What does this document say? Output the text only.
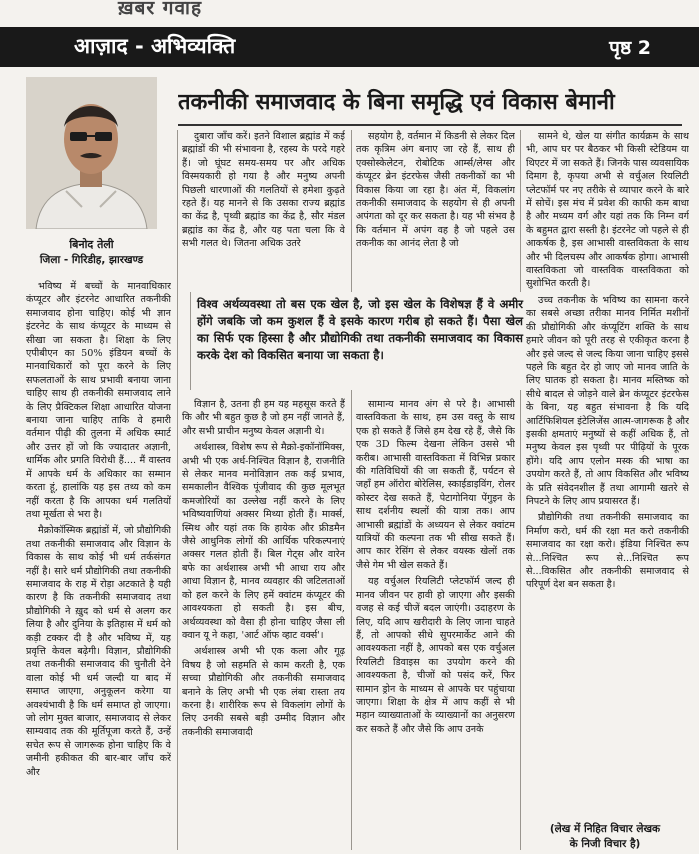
ख़बर गवाह
आज़ाद - अभिव्यक्ति	पृष्ठ 2
बिनोद तेली
जिला - गिरिडीह, झारखण्ड
तकनीकी समाजवाद के बिना समृद्धि एवं विकास बेमानी

भविष्य में बच्चों के मानवाधिकार कंप्यूटर और इंटरनेट आधारित तकनीकी समाजवाद होना चाहिए। कोई भी ज्ञान इंटरनेट के साथ कंप्यूटर के माध्यम से सीखा जा सकता है। शिक्षा के लिए एपीबीएन का 50% इंडियन बच्चों के मानवाधिकारों को पूरा करने के लिए सफलताओं के साथ प्रभावी बनाया जाना चाहिए साथ ही तकनीकी समाजवाद लाने के लिए प्रैक्टिकल शिक्षा आधारित योजना बनाया जाना चाहिए ताकि वे हमारी वर्तमान पीढ़ी की तुलना में अधिक स्मार्ट और उत्तर हों जो कि ज्यादातर अज्ञानी, धार्मिक और प्रगति विरोधी हैं.... मैं वास्तव में आपके धर्म के अधिकार का सम्मान करता हूं, हालांकि यह इस तथ्य को कम नहीं करता है कि आपका धर्म गलतियों तथा मूर्खता से भरा है।

मैक्रोकॉस्मिक ब्रह्मांडों में, जो प्रौद्योगिकी तथा तकनीकी समाजवाद और विज्ञान के विकास के साथ कोई भी धर्म तर्कसंगत नहीं है। सारे धर्म प्रौद्योगिकी तथा तकनीकी समाजवाद के राह में रोड़ा अटकाते है यही कारण है कि तकनीकी समाजवाद तथा प्रौद्योगिकी ने ख़ुद को धर्म से अलग कर लिया है और दुनिया के इतिहास में धर्म को कड़ी टक्कर दी है और भविष्य में, यह प्रवृत्ति केवल बढ़ेगी। विज्ञान, प्रौद्योगिकी तथा तकनीकी समाजवाद की चुनौती देने वाला कोई भी धर्म जल्दी या बाद में समाप्त जाएगा, अनुकूलन करेगा या अवश्यंभावी है कि धर्म समाप्त हो जाएगा। जो लोग मुक्त बाजार, समाजवाद से लेकर साम्यवाद तक की मूर्तिपूजा करते हैं, उन्हें सचेत रूप से जागरूक होना चाहिए कि वे जमीनी हकीकत की बार-बार जाँच करें और

दुबारा जाँच करें। इतने विशाल ब्रह्मांड में कई ब्रह्मांडों की भी संभावना है, रहस्य के परदे गहरे हैं। जो घूंघट समय-समय पर और अधिक विस्मयकारी हो गया है और मनुष्य अपनी पिछली धारणाओं की गलतियों से हमेशा कुढ़ते रहते हैं। यह मानने से कि उसका राज्य ब्रह्मांड का केंद्र है, पृथ्वी ब्रह्मांड का केंद्र है, सौर मंडल ब्रह्मांड का केंद्र है, और यह पता चला कि वे सभी गलत थे। जितना अधिक उतरे

सहयोग है, वर्तमान में किडनी से लेकर दिल तक कृत्रिम अंग बनाए जा रहे हैं, साथ ही एक्सोस्केलेटन, रोबोटिक आर्म्स/लेग्स और कंप्यूटर ब्रेन इंटरफेस जैसी तकनीकों का भी विकास किया जा रहा है। अंत में, विकलांग तकनीकी समाजवाद के सहयोग से ही अपनी अपंगता को दूर कर सकता है। यह भी संभव है कि वर्तमान में अपंग वह है जो पहले उस तकनीक का आनंद लेता है जो

विश्व अर्थव्यवस्था तो बस एक खेल है, जो इस खेल के विशेषज्ञ हैं वे अमीर होंगे जबकि जो कम कुशल हैं वे इसके कारण गरीब हो सकते हैं। पैसा खेल का सिर्फ एक हिस्सा है और प्रौद्योगिकी तथा तकनीकी समाजवाद का विकास करके देश को विकसित बनाया जा सकता है।

विज्ञान है, उतना ही हम यह महसूस करते हैं कि और भी बहुत कुछ है जो हम नहीं जानते हैं, और सभी प्राचीन मनुष्य केवल अज्ञानी थे।

अर्थशास्त्र, विशेष रूप से मैक्रो-इकॉनॉमिक्स, अभी भी एक अर्ध-निश्चित विज्ञान है, राजनीति से लेकर मानव मनोविज्ञान तक कई प्रभाव, समकालीन वैश्विक पूंजीवाद की कुछ मूलभूत कमजोरियों का उल्लेख नहीं करने के लिए भविष्यवाणियां अक्सर मिथ्या होती हैं। मार्क्स, स्मिथ और यहां तक कि हायेक और फ्रीडमैन जैसे आधुनिक लोगों की आर्थिक परिकल्पनाएं अक्सर गलत होती हैं। बिल गेट्स और वारेन बफे का अर्थशास्त्र अभी भी आधा राय और आधा विज्ञान है, मानव व्यवहार की जटिलताओं को हल करने के लिए हमें क्वांटम कंप्यूटर की आवश्यकता हो सकती है। इस बीच, अर्थव्यवस्था को वैसा ही होना चाहिए जैसा ली क्वान यू ने कहा, 'आर्ट ऑफ व्हाट वर्क्स'।

अर्थशास्त्र अभी भी एक कला और गूढ़ विषय है जो सहमति से काम करती है, एक सच्चा प्रौद्योगिकी और तकनीकी समाजवाद बनाने के लिए अभी भी एक लंबा रास्ता तय करना है। शारीरिक रूप से विकलांग लोगों के लिए उनकी सबसे बड़ी उम्मीद विज्ञान और तकनीकी समाजवादी

सामान्य मानव अंग से परे है। आभासी वास्तविकता के साथ, हम उस वस्तु के साथ एक हो सकते हैं जिसे हम देख रहे हैं, जैसे कि एक 3D फिल्म देखना लेकिन उससे भी करीब। आभासी वास्तविकता में विभिन्न प्रकार की गतिविधियों की जा सकती हैं, पर्यटन से जहाँ हम ऑरोरा बोरेलिस, स्काईडाइविंग, रोलर कोस्टर देख सकते हैं, पेटागोनिया पेंगुइन के साथ दर्शनीय स्थलों की यात्रा तक। आप आभासी ब्रह्मांडों के अध्ययन से लेकर क्वांटम यात्रियों की कल्पना तक भी सीख सकते हैं। आप कार रेसिंग से लेकर वयस्क खेलों तक जैसे गेम भी खेल सकते हैं।

यह वर्चुअल रियलिटी प्लेटफॉर्म जल्द ही मानव जीवन पर हावी हो जाएगा और इसकी वजह से कई चीजें बदल जाएंगी। उदाहरण के लिए, यदि आप खरीदारी के लिए जाना चाहते हैं, तो आपको सीधे सुपरमार्केट आने की आवश्यकता नहीं है, आपको बस एक वर्चुअल रियलिटी डिवाइस का उपयोग करने की आवश्यकता है, चीजों को पसंद करें, फिर सामान ड्रोन के माध्यम से आपके घर पहुंचाया जाएगा। शिक्षा के क्षेत्र में आप कहीं से भी महान व्याख्याताओं के व्याख्यानों का अनुसरण कर सकते हैं और जैसे कि आप उनके

सामने थे, खेल या संगीत कार्यक्रम के साथ भी, आप घर पर बैठकर भी किसी स्टेडियम या थिएटर में जा सकते हैं। जिनके पास व्यवसायिक दिमाग है, कृपया अभी से वर्चुअल रियलिटी प्लेटफॉर्म पर नए तरीके से व्यापार करने के बारे में सोचें। इस मंच में प्रवेश की काफी कम बाधा है और मध्यम वर्ग और यहां तक कि निम्न वर्ग के बहुमत द्वारा सस्ती है। इंटरनेट जो पहले से ही आकर्षक है, इस आभासी वास्तविकता के साथ और भी दिलचस्प और आकर्षक होगा। आभासी वास्तविकता जो वास्तविक वास्तविकता को सुशोभित करती है।

उच्च तकनीक के भविष्य का सामना करने का सबसे अच्छा तरीका मानव निर्मित मशीनों की प्रौद्योगिकी और कंप्यूटिंग शक्ति के साथ हमारे जीवन को पूरी तरह से एकीकृत करना है और इसे जल्द से जल्द किया जाना चाहिए इससे पहले कि बहुत देर हो जाए जो मानव जाति के लिए घातक हो सकता है। मानव मस्तिष्क को सीधे बादल से जोड़ने वाले ब्रेन कंप्यूटर इंटरफेस के बिना, यह बहुत संभावना है कि यदि आर्टिफिशियल इंटेलिजेंस आत्म-जागरूक है और इसकी क्षमताएं मनुष्यों से कहीं अधिक हैं, तो मनुष्य केवल इस पृथ्वी पर पीढ़ियों के पूरक होंगे। यदि आप एलोन मस्क की भाषा का उपयोग करते हैं, तो आप विकसित और भविष्य के प्रति संवेदनशील हैं तथा आगामी खतरे से निपटने के लिए आप प्रयासरत हैं।

प्रौद्योगिकी तथा तकनीकी समाजवाद का निर्माण करो, धर्म की रक्षा मत करो तकनीकी समाजवाद का रक्षा करो। इंडिया निश्चित रूप से...निश्चित रूप से...निश्चित रूप से...विकसित और तकनीकी समाजवाद से परिपूर्ण देश बन सकता है।

(लेख में निहित विचार लेखक
के निजी विचार है)
